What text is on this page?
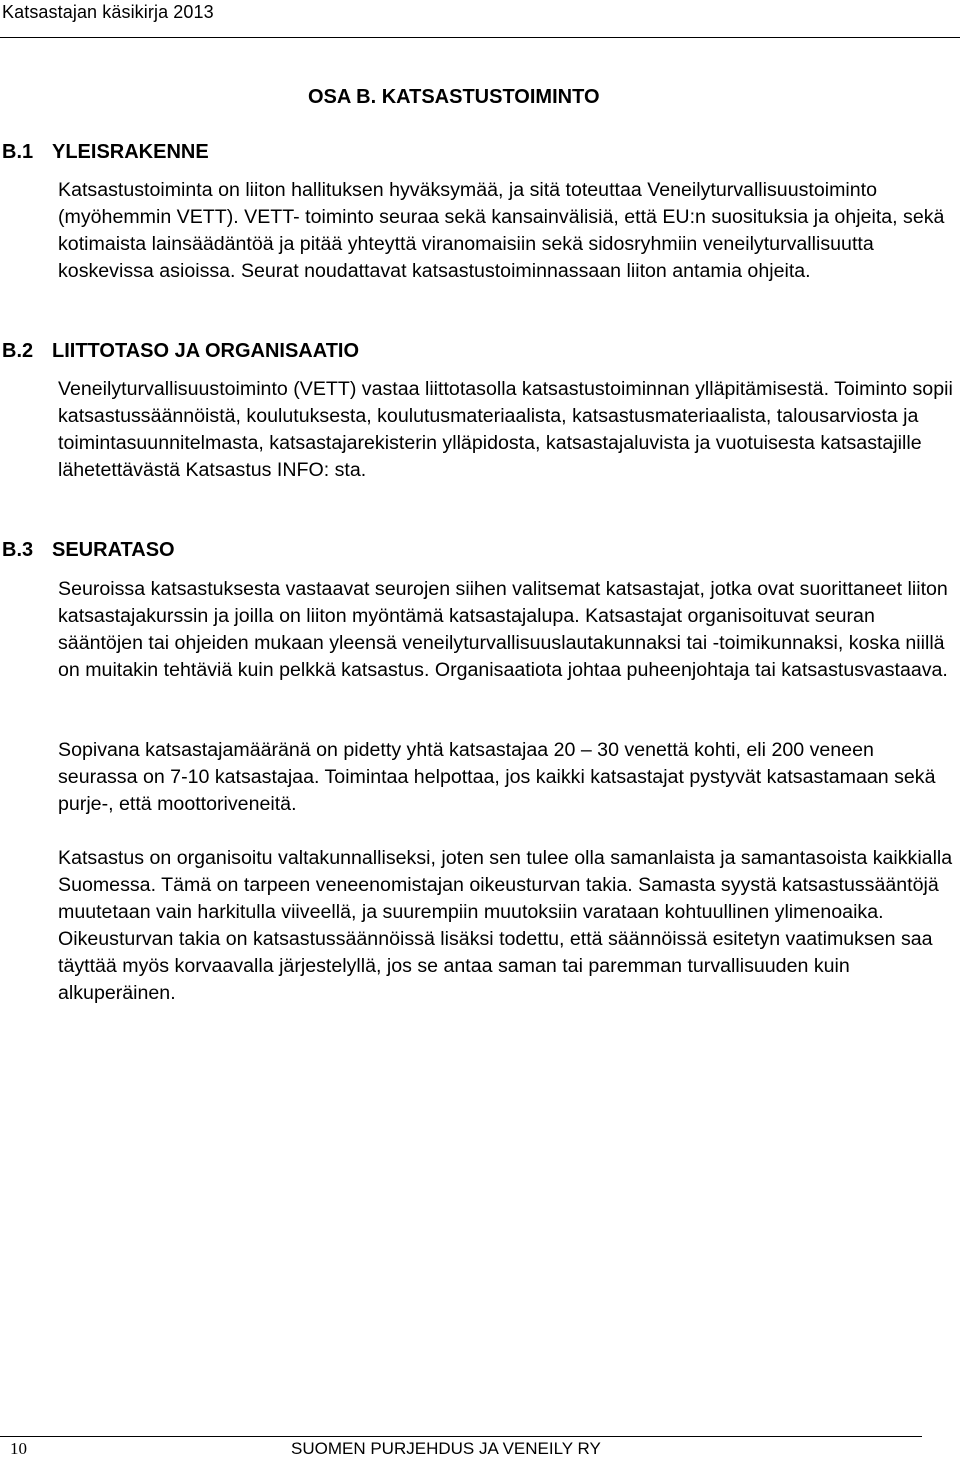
Katsastajan käsikirja 2013
OSA B. KATSASTUSTOIMINTO
B.1 YLEISRAKENNE

Katsastustoiminta on liiton hallituksen hyväksymää, ja sitä toteuttaa Veneilyturvallisuustoiminto (myöhemmin VETT). VETT- toiminto seuraa sekä kansainvälisiä, että EU:n suosituksia ja ohjeita, sekä kotimaista lainsäädäntöä ja pitää yhteyttä viranomaisiin sekä sidosryhmiin veneilyturvallisuutta koskevissa asioissa. Seurat noudattavat katsastustoiminnassaan liiton antamia ohjeita.

B.2 LIITTOTASO JA ORGANISAATIO

Veneilyturvallisuustoiminto (VETT) vastaa liittotasolla katsastustoiminnan ylläpitämisestä. Toiminto sopii katsastussäännöistä, koulutuksesta, koulutusmateriaalista, katsastusmateriaalista, talousarviosta ja toimintasuunnitelmasta, katsastajarekisterin ylläpidosta, katsastajaluvista ja vuotuisesta katsastajille lähetettävästä Katsastus INFO: sta.

B.3 SEURATASO

Seuroissa katsastuksesta vastaavat seurojen siihen valitsemat katsastajat, jotka ovat suorittaneet liiton katsastajakurssin ja joilla on liiton myöntämä katsastajalupa. Katsastajat organisoituvat seuran sääntöjen tai ohjeiden mukaan yleensä veneilyturvallisuuslautakunnaksi tai -toimikunnaksi, koska niillä on muitakin tehtäviä kuin pelkkä katsastus. Organisaatiota johtaa puheenjohtaja tai katsastusvastaava.

Sopivana katsastajamääränä on pidetty yhtä katsastajaa 20 – 30 venettä kohti, eli 200 veneen seurassa on 7-10 katsastajaa. Toimintaa helpottaa, jos kaikki katsastajat pystyvät katsastamaan sekä purje-, että moottoriveneitä.

Katsastus on organisoitu valtakunnalliseksi, joten sen tulee olla samanlaista ja samantasoista kaikkialla Suomessa. Tämä on tarpeen veneenomistajan oikeusturvan takia. Samasta syystä katsastussääntöjä muutetaan vain harkitulla viiveellä, ja suurempiin muutoksiin varataan kohtuullinen ylimenoaika. Oikeusturvan takia on katsastussäännöissä lisäksi todettu, että säännöissä esitetyn vaatimuksen saa täyttää myös korvaavalla järjestelyllä, jos se antaa saman tai paremman turvallisuuden kuin alkuperäinen.

10	SUOMEN PURJEHDUS JA VENEILY RY
